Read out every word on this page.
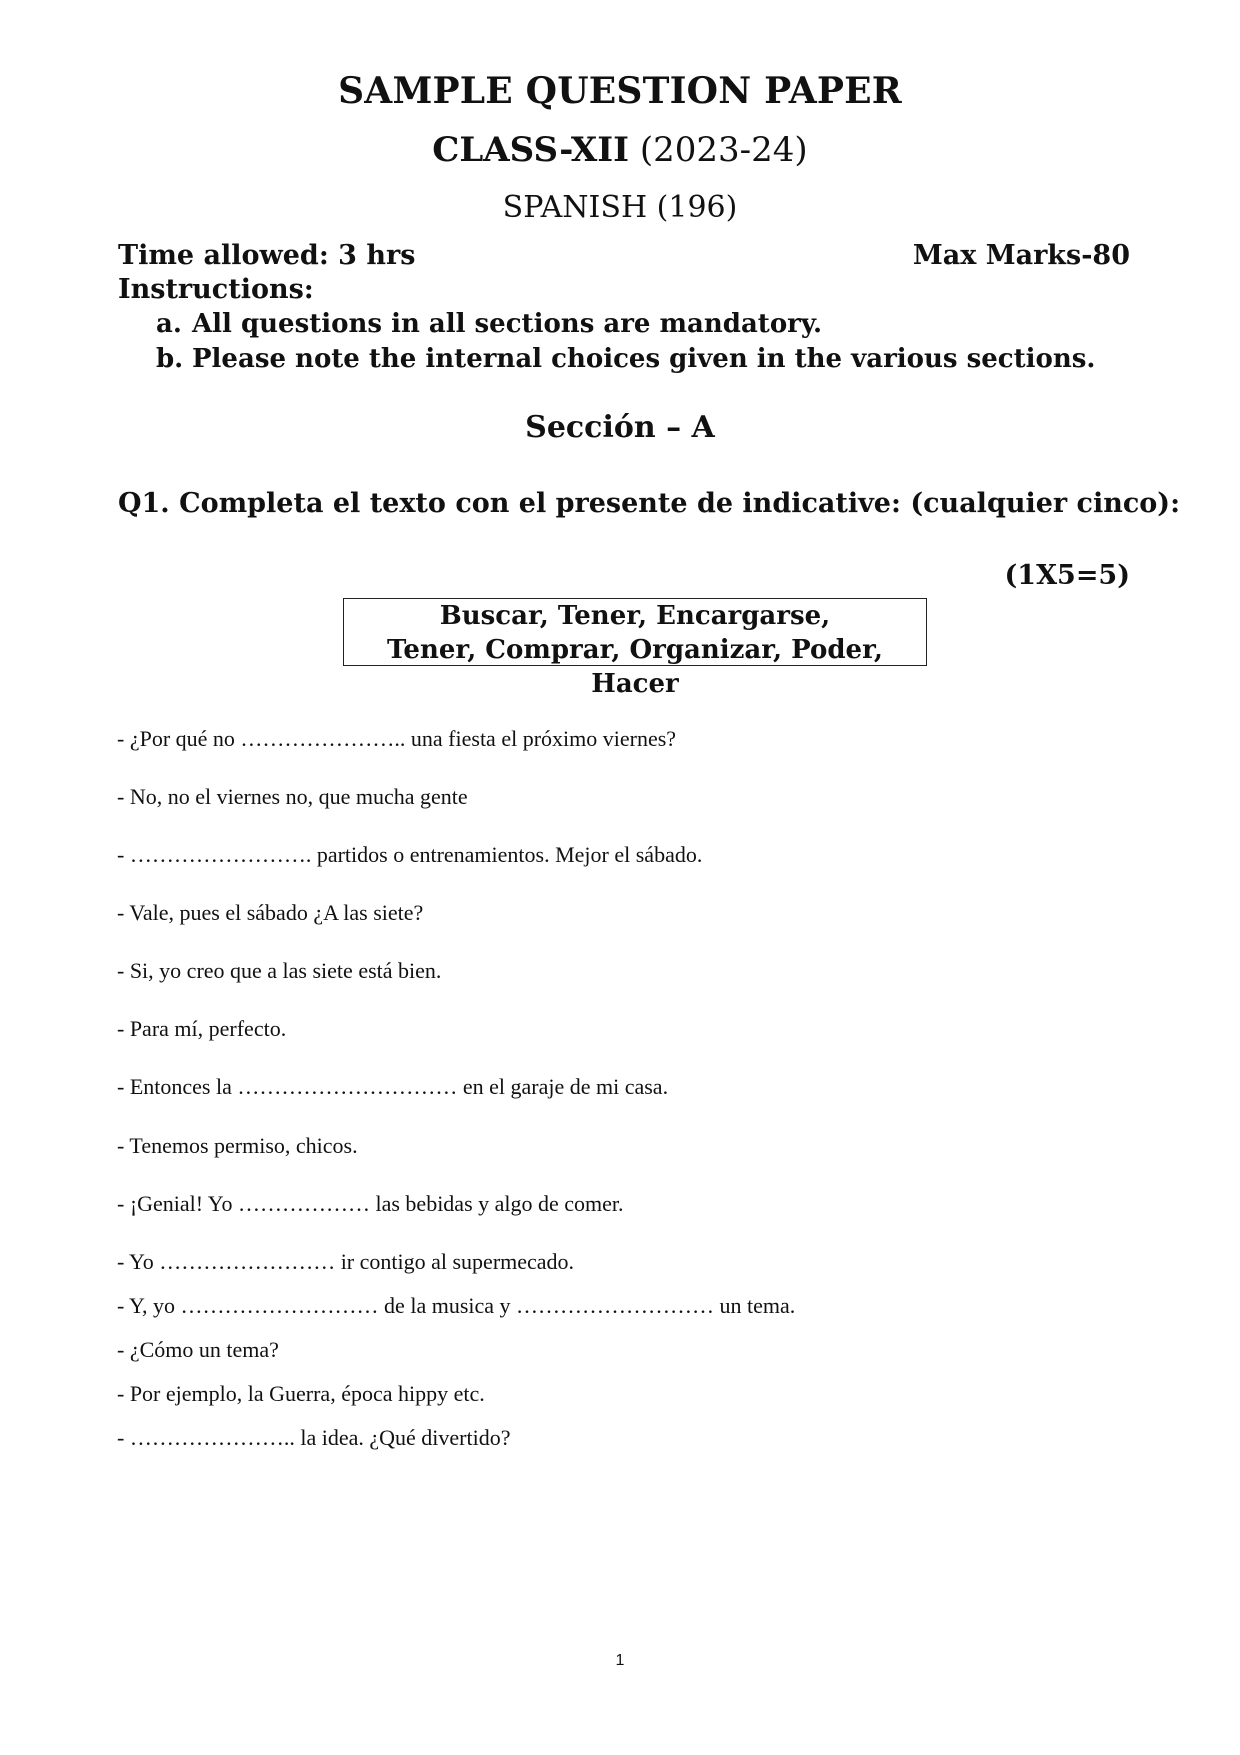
SAMPLE QUESTION PAPER
CLASS-XII (2023-24)
SPANISH (196)
Time allowed: 3 hrs	Max Marks-80
Instructions:
a. All questions in all sections are mandatory.
b. Please note the internal choices given in the various sections.
Sección – A
Q1. Completa el texto con el presente de indicative: (cualquier cinco):
(1X5=5)
Buscar, Tener, Encargarse,
Tener, Comprar, Organizar, Poder, Hacer
- ¿Por qué no ………………….. una fiesta el próximo viernes?
- No, no el viernes no, que mucha gente
- ……………………. partidos o entrenamientos. Mejor el sábado.
- Vale, pues el sábado ¿A las siete?
- Si, yo creo que a las siete está bien.
- Para mí, perfecto.
- Entonces la ………………………… en el garaje de mi casa.
- Tenemos permiso, chicos.
- ¡Genial! Yo ……………… las bebidas y algo de comer.
- Yo …………………… ir contigo al supermecado.
- Y, yo ……………………… de la musica y ……………………… un tema.
- ¿Cómo un tema?
- Por ejemplo, la Guerra, época hippy etc.
- ………………….. la idea. ¿Qué divertido?
1
